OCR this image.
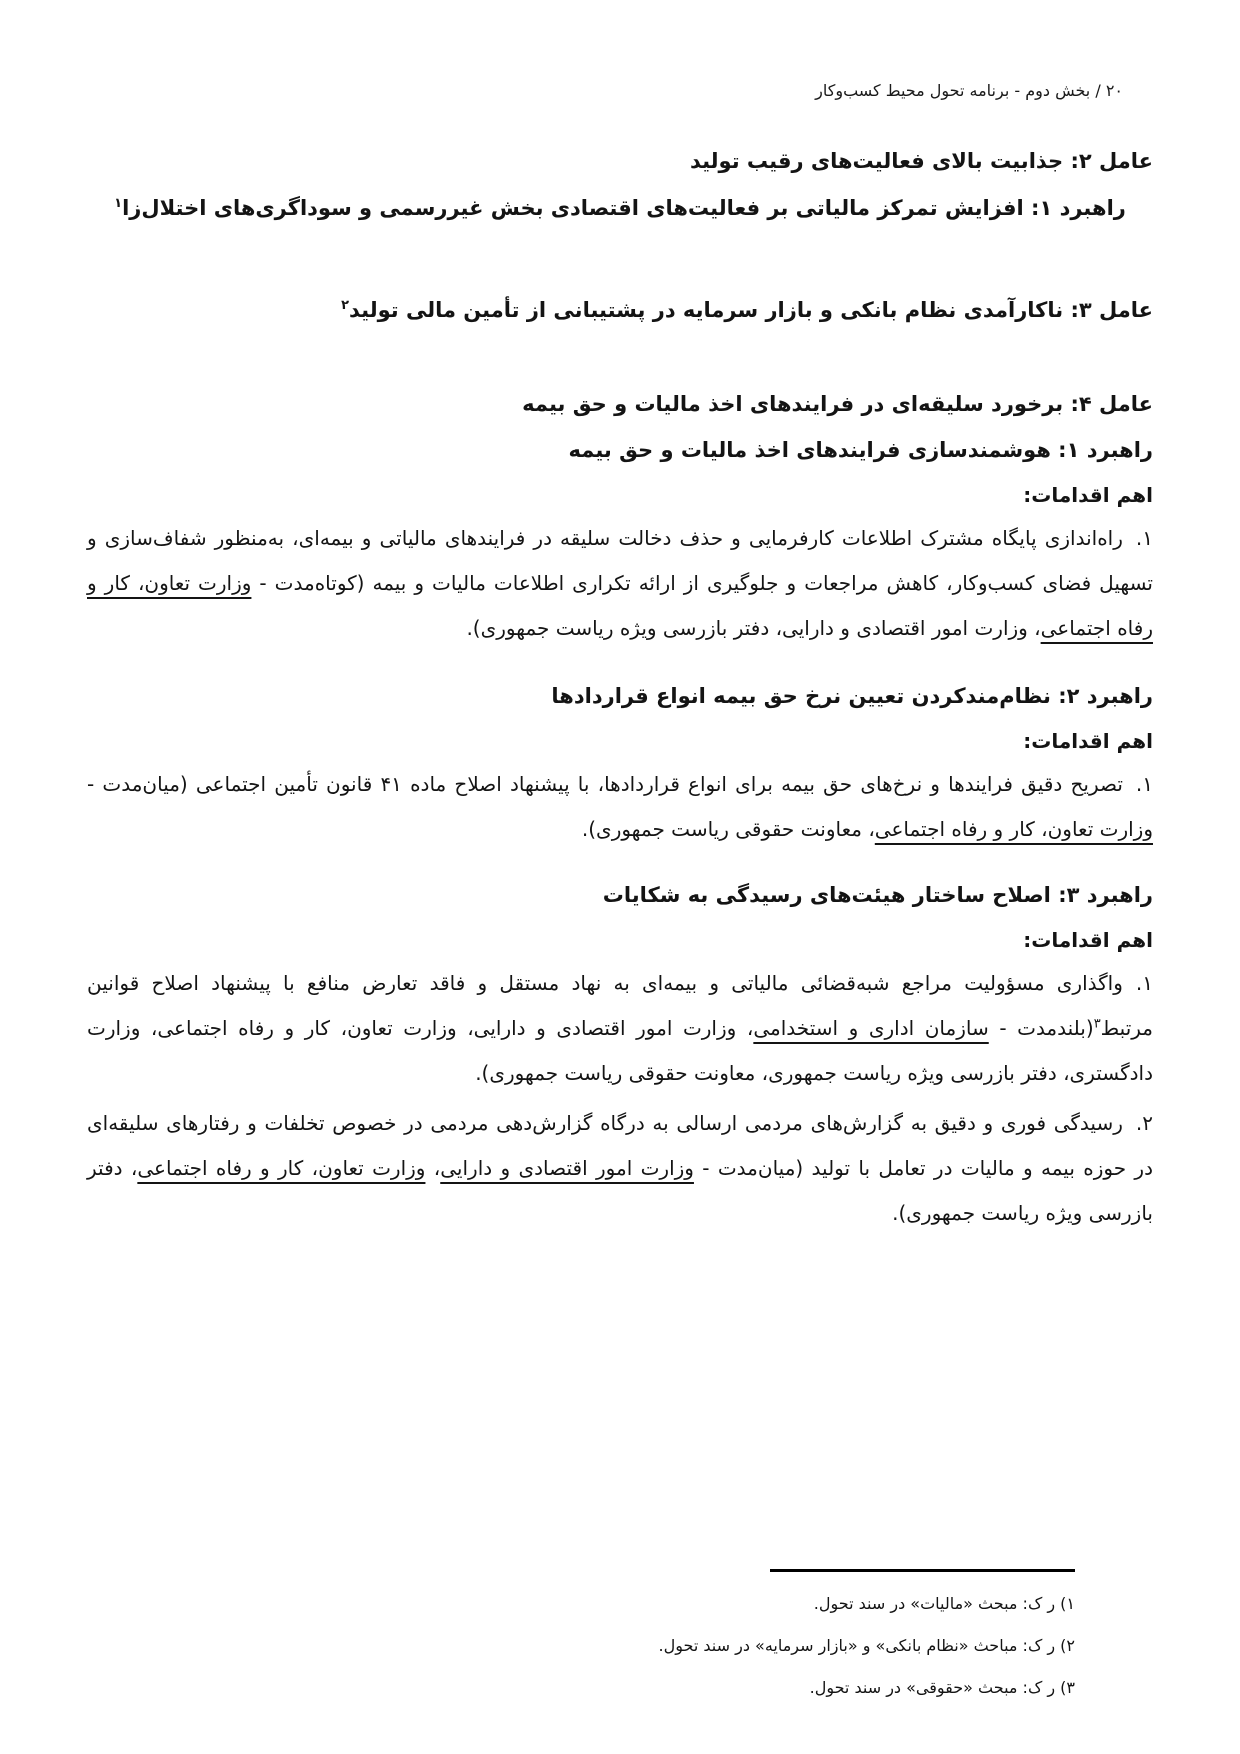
۲۰ / بخش دوم - برنامه تحول محیط کسب‌وکار

عامل ۲: جذابیت بالای فعالیت‌های رقیب تولید

راهبرد ۱: افزایش تمرکز مالیاتی بر فعالیت‌های اقتصادی بخش غیررسمی و سوداگری‌های اختلال‌زا$^۱$

عامل ۳: ناکارآمدی نظام بانکی و بازار سرمایه در پشتیبانی از تأمین مالی تولید$^۲$

عامل ۴: برخورد سلیقه‌ای در فرایندهای اخذ مالیات و حق بیمه

راهبرد ۱: هوشمندسازی فرایندهای اخذ مالیات و حق بیمه

اهم اقدامات:

۱.راه‌اندازی پایگاه مشترک اطلاعات کارفرمایی و حذف دخالت سلیقه در فرایندهای مالیاتی و بیمه‌ای، به‌منظور شفاف‌سازی و تسهیل فضای کسب‌وکار، کاهش مراجعات و جلوگیری از ارائه تکراری اطلاعات مالیات و بیمه (کوتاه‌مدت - وزارت تعاون، کار و رفاه اجتماعی، وزارت امور اقتصادی و دارایی، دفتر بازرسی ویژه ریاست جمهوری).

راهبرد ۲: نظام‌مندکردن تعیین نرخ حق بیمه انواع قراردادها

اهم اقدامات:

۱.تصریح دقیق فرایندها و نرخ‌های حق بیمه برای انواع قراردادها، با پیشنهاد اصلاح ماده ۴۱ قانون تأمین اجتماعی (میان‌مدت - وزارت تعاون، کار و رفاه اجتماعی، معاونت حقوقی ریاست جمهوری).

راهبرد ۳: اصلاح ساختار هیئت‌های رسیدگی به شکایات

اهم اقدامات:

۱.واگذاری مسؤولیت مراجع شبه‌قضائی مالیاتی و بیمه‌ای به نهاد مستقل و فاقد تعارض منافع با پیشنهاد اصلاح قوانین مرتبط$^۳$(بلندمدت - سازمان اداری و استخدامی، وزارت امور اقتصادی و دارایی، وزارت تعاون، کار و رفاه اجتماعی، وزارت دادگستری، دفتر بازرسی ویژه ریاست جمهوری، معاونت حقوقی ریاست جمهوری).

۲.رسیدگی فوری و دقیق به گزارش‌های مردمی ارسالی به درگاه گزارش‌دهی مردمی در خصوص تخلفات و رفتارهای سلیقه‌ای در حوزه بیمه و مالیات در تعامل با تولید (میان‌مدت - وزارت امور اقتصادی و دارایی، وزارت تعاون، کار و رفاه اجتماعی، دفتر بازرسی ویژه ریاست جمهوری).

۱) ر ک: مبحث «مالیات» در سند تحول.

۲) ر ک: مباحث «نظام بانکی» و «بازار سرمایه» در سند تحول.

۳) ر ک: مبحث «حقوقی» در سند تحول.
